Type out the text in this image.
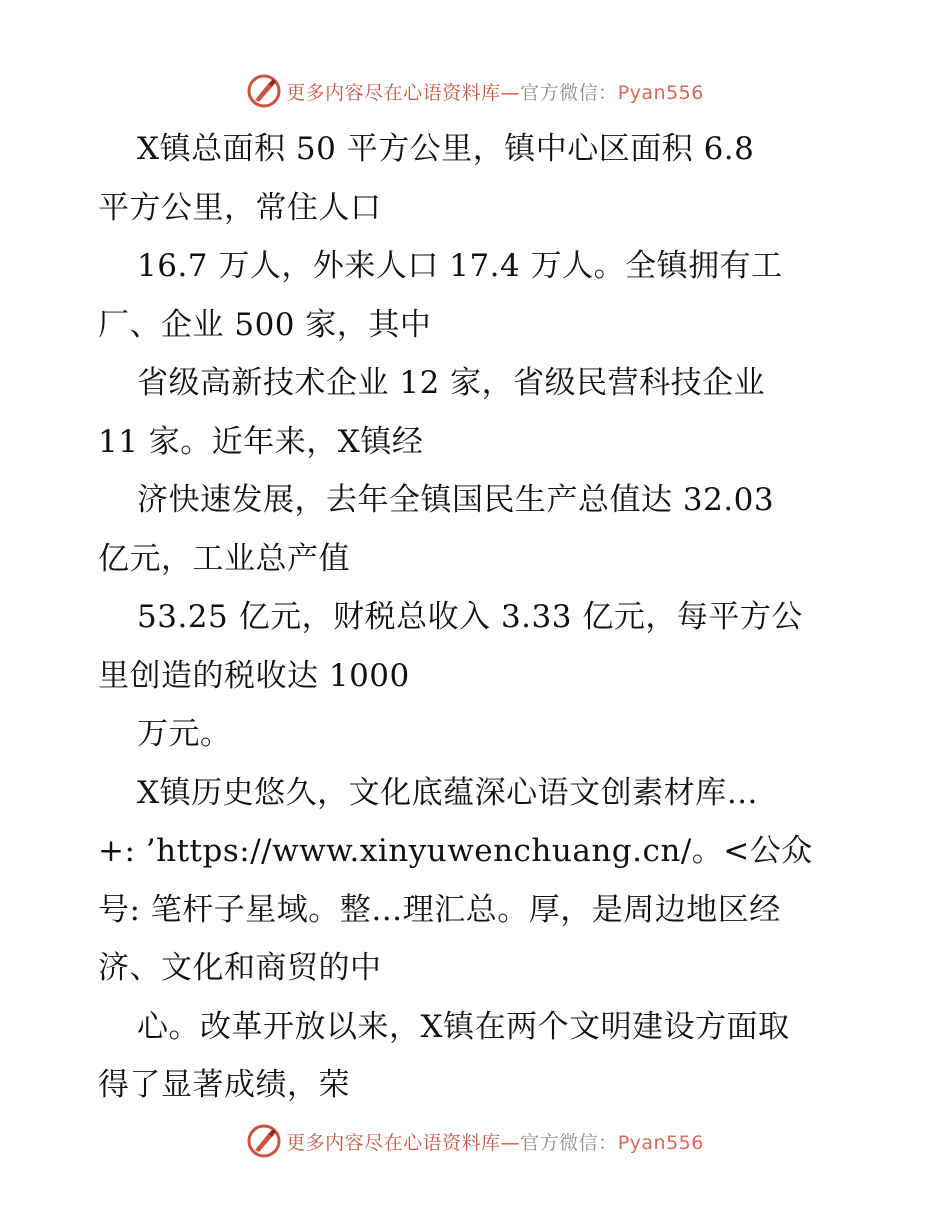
更多内容尽在心语资料库—官方微信：Pyan556
X镇总面积 50 平方公里，镇中心区面积 6.8
平方公里，常住人口
16.7 万人，外来人口 17.4 万人。全镇拥有工
厂、企业 500 家，其中
省级高新技术企业 12 家，省级民营科技企业
11 家。近年来，X镇经
济快速发展，去年全镇国民生产总值达 32.03
亿元，工业总产值
53.25 亿元，财税总收入 3.33 亿元，每平方公
里创造的税收达 1000
万元。
X镇历史悠久，文化底蕴深心语文创素材库…
+: ’https://www.xinyuwenchuang.cn/。<公众
号: 笔杆子星域。整…理汇总。厚，是周边地区经
济、文化和商贸的中
心。改革开放以来，X镇在两个文明建设方面取
得了显著成绩，荣
更多内容尽在心语资料库—官方微信：Pyan556
